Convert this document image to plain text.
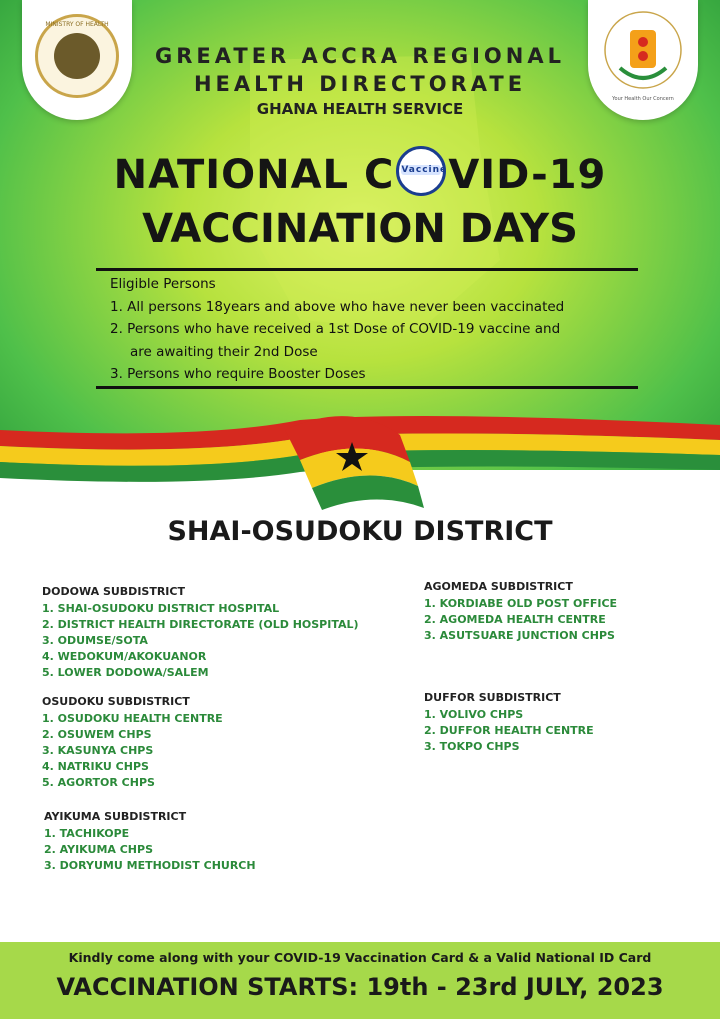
MINISTRY OF HEALTH
Your Health Our Concern
GREATER ACCRA REGIONAL
HEALTH DIRECTORATE
GHANA HEALTH SERVICE
NATIONAL C Vaccine VID-19
VACCINATION DAYS
Eligible Persons
1. All persons 18years and above who have never been vaccinated
2. Persons who have received a 1st Dose of COVID-19 vaccine and
are awaiting their 2nd Dose
3. Persons who require Booster Doses
SHAI-OSUDOKU DISTRICT
DODOWA SUBDISTRICT
1. SHAI-OSUDOKU DISTRICT HOSPITAL
2. DISTRICT HEALTH DIRECTORATE (OLD HOSPITAL)
3. ODUMSE/SOTA
4. WEDOKUM/AKOKUANOR
5. LOWER DODOWA/SALEM
OSUDOKU SUBDISTRICT
1. OSUDOKU HEALTH CENTRE
2. OSUWEM CHPS
3. KASUNYA CHPS
4. NATRIKU CHPS
5. AGORTOR CHPS
AYIKUMA SUBDISTRICT
1. TACHIKOPE
2. AYIKUMA CHPS
3. DORYUMU METHODIST CHURCH
AGOMEDA SUBDISTRICT
1. KORDIABE OLD POST OFFICE
2. AGOMEDA HEALTH CENTRE
3. ASUTSUARE JUNCTION CHPS
DUFFOR SUBDISTRICT
1. VOLIVO CHPS
2. DUFFOR HEALTH CENTRE
3. TOKPO CHPS
Kindly come along with your COVID-19 Vaccination Card & a Valid National ID Card
VACCINATION STARTS: 19th - 23rd JULY, 2023
